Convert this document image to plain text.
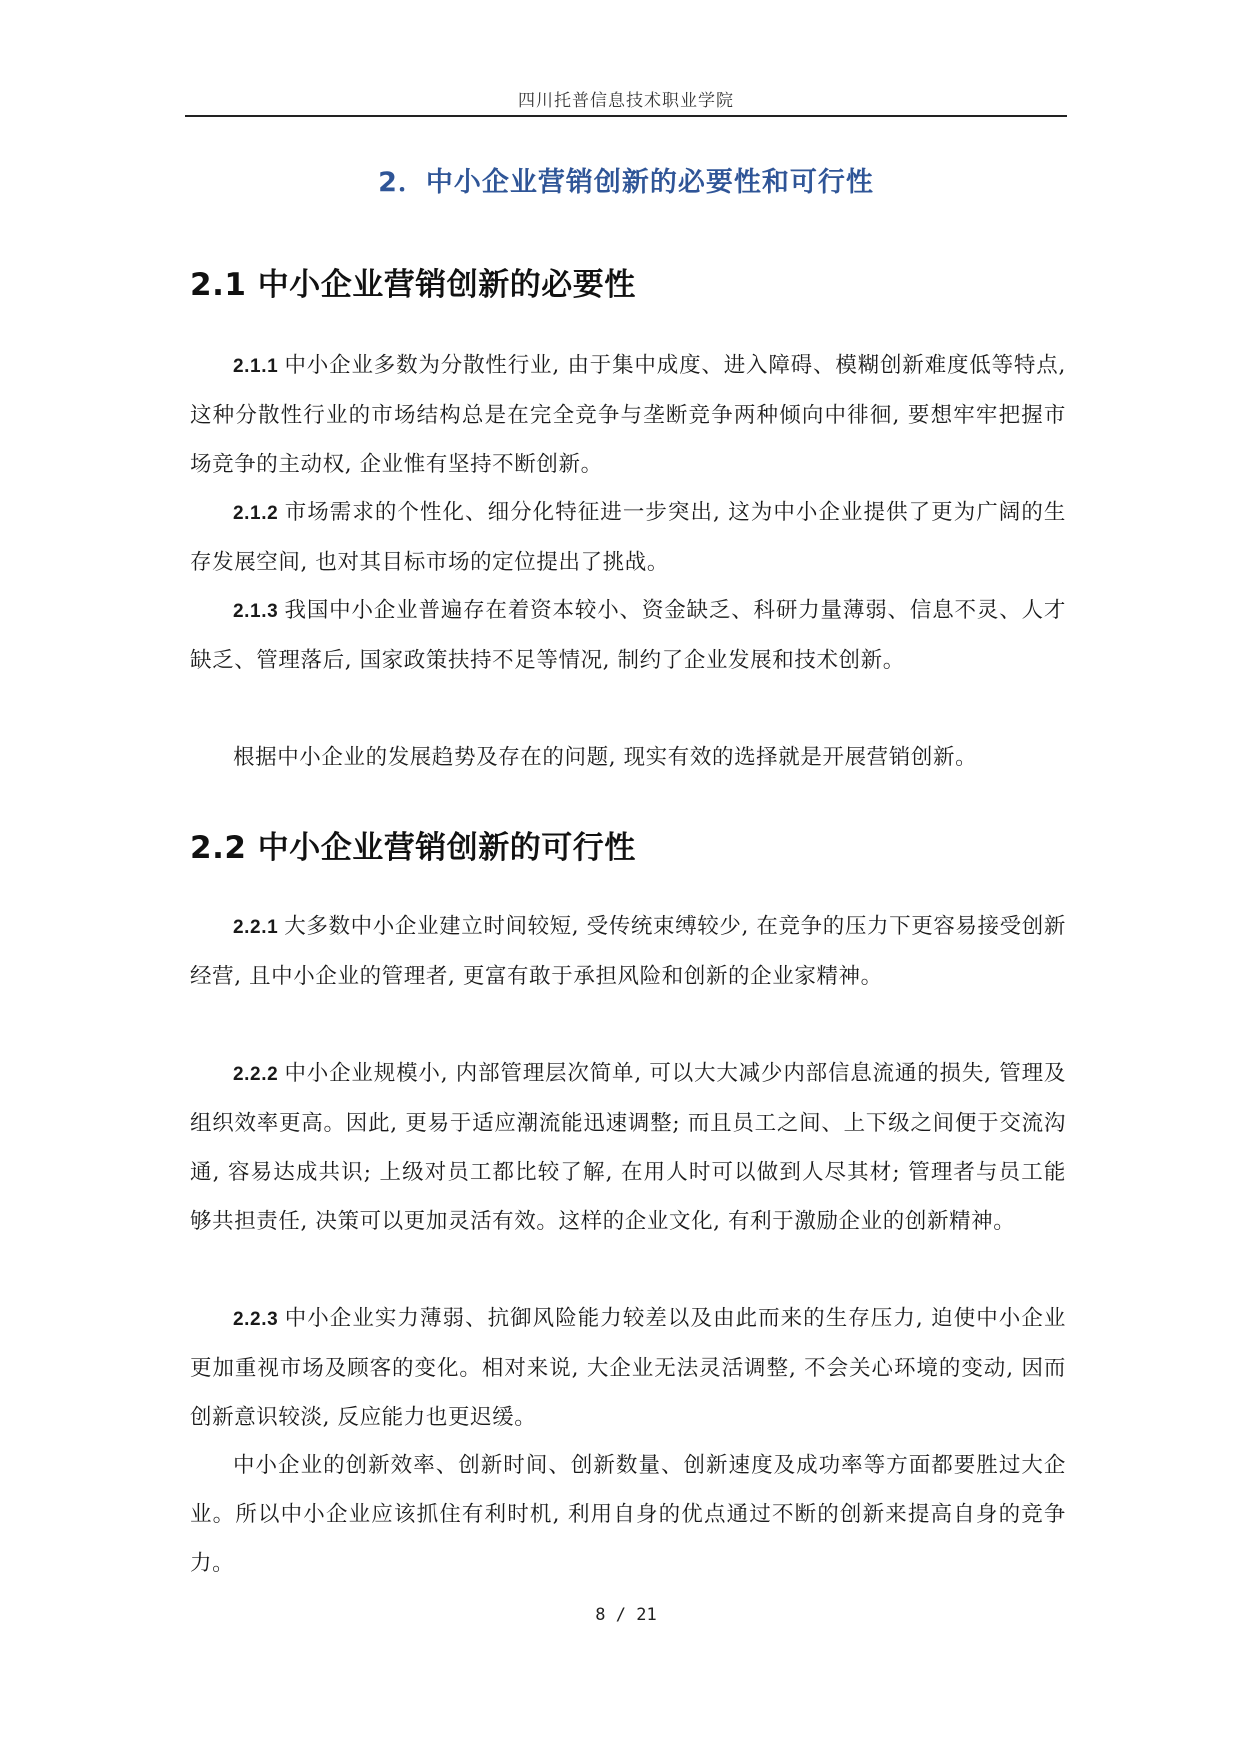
四川托普信息技术职业学院
2．中小企业营销创新的必要性和可行性
2.1 中小企业营销创新的必要性

2.1.1 中小企业多数为分散性行业, 由于集中成度、进入障碍、模糊创新难度低等特点, 这种分散性行业的市场结构总是在完全竞争与垄断竞争两种倾向中徘徊, 要想牢牢把握市场竞争的主动权, 企业惟有坚持不断创新。

2.1.2 市场需求的个性化、细分化特征进一步突出, 这为中小企业提供了更为广阔的生存发展空间, 也对其目标市场的定位提出了挑战。

2.1.3 我国中小企业普遍存在着资本较小、资金缺乏、科研力量薄弱、信息不灵、人才缺乏、管理落后, 国家政策扶持不足等情况, 制约了企业发展和技术创新。

根据中小企业的发展趋势及存在的问题, 现实有效的选择就是开展营销创新。

2.2 中小企业营销创新的可行性

2.2.1 大多数中小企业建立时间较短, 受传统束缚较少, 在竞争的压力下更容易接受创新经营, 且中小企业的管理者, 更富有敢于承担风险和创新的企业家精神。

2.2.2 中小企业规模小, 内部管理层次简单, 可以大大减少内部信息流通的损失, 管理及组织效率更高。因此, 更易于适应潮流能迅速调整; 而且员工之间、上下级之间便于交流沟通, 容易达成共识; 上级对员工都比较了解, 在用人时可以做到人尽其材; 管理者与员工能够共担责任, 决策可以更加灵活有效。这样的企业文化, 有利于激励企业的创新精神。

2.2.3 中小企业实力薄弱、抗御风险能力较差以及由此而来的生存压力, 迫使中小企业更加重视市场及顾客的变化。相对来说, 大企业无法灵活调整, 不会关心环境的变动, 因而创新意识较淡, 反应能力也更迟缓。

中小企业的创新效率、创新时间、创新数量、创新速度及成功率等方面都要胜过大企业。所以中小企业应该抓住有利时机, 利用自身的优点通过不断的创新来提高自身的竞争力。

8 / 21
